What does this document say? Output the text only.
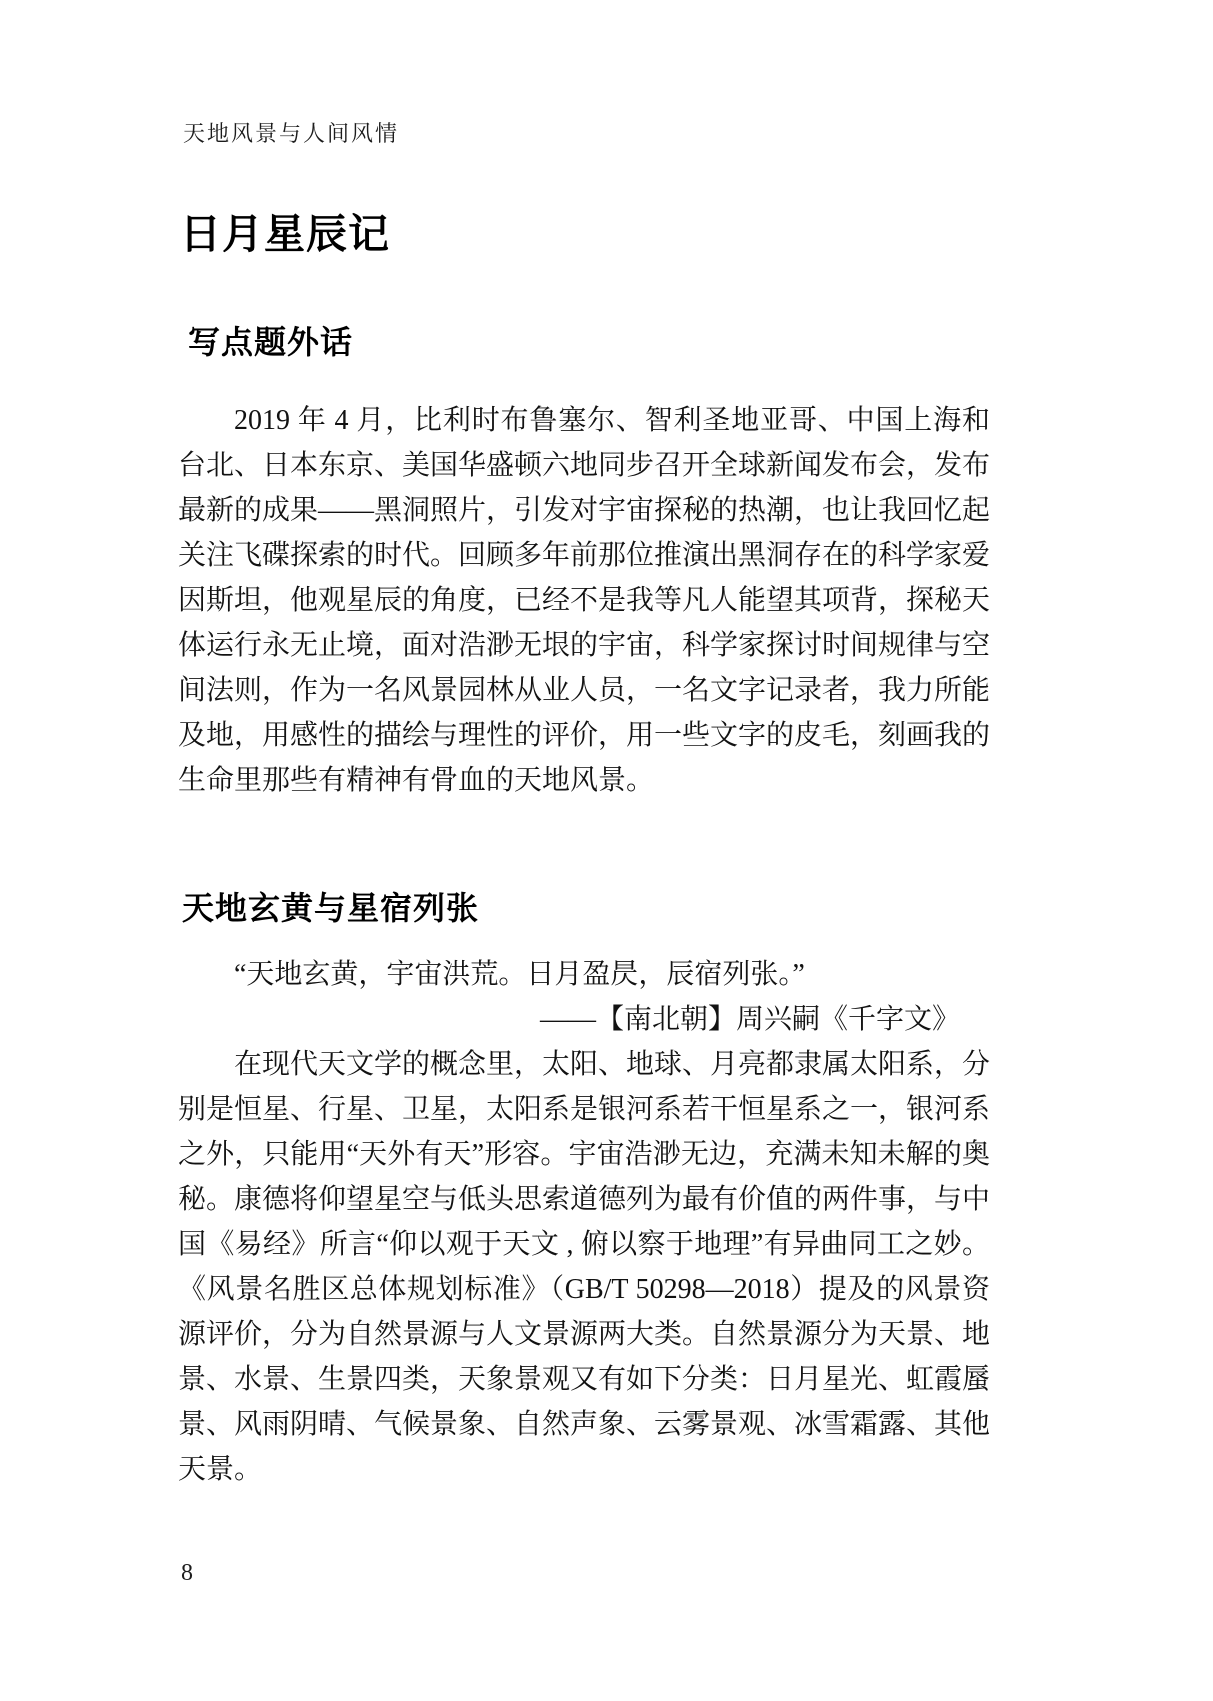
天地风景与人间风情
日月星辰记
写点题外话

2019 年 4 月，比利时布鲁塞尔、智利圣地亚哥、中国上海和台北、日本东京、美国华盛顿六地同步召开全球新闻发布会，发布最新的成果——黑洞照片，引发对宇宙探秘的热潮，也让我回忆起关注飞碟探索的时代。回顾多年前那位推演出黑洞存在的科学家爱因斯坦，他观星辰的角度，已经不是我等凡人能望其项背，探秘天体运行永无止境，面对浩渺无垠的宇宙，科学家探讨时间规律与空间法则，作为一名风景园林从业人员，一名文字记录者，我力所能及地，用感性的描绘与理性的评价，用一些文字的皮毛，刻画我的生命里那些有精神有骨血的天地风景。

天地玄黄与星宿列张

“天地玄黄，宇宙洪荒。日月盈昃，辰宿列张。”

——【南北朝】周兴嗣《千字文》

在现代天文学的概念里，太阳、地球、月亮都隶属太阳系，分别是恒星、行星、卫星，太阳系是银河系若干恒星系之一，银河系之外，只能用“天外有天”形容。宇宙浩渺无边，充满未知未解的奥秘。康德将仰望星空与低头思索道德列为最有价值的两件事，与中国《易经》所言“仰以观于天文 , 俯以察于地理”有异曲同工之妙。《风景名胜区总体规划标准》（GB/T 50298—2018）提及的风景资源评价，分为自然景源与人文景源两大类。自然景源分为天景、地景、水景、生景四类，天象景观又有如下分类：日月星光、虹霞蜃景、风雨阴晴、气候景象、自然声象、云雾景观、冰雪霜露、其他天景。

8
